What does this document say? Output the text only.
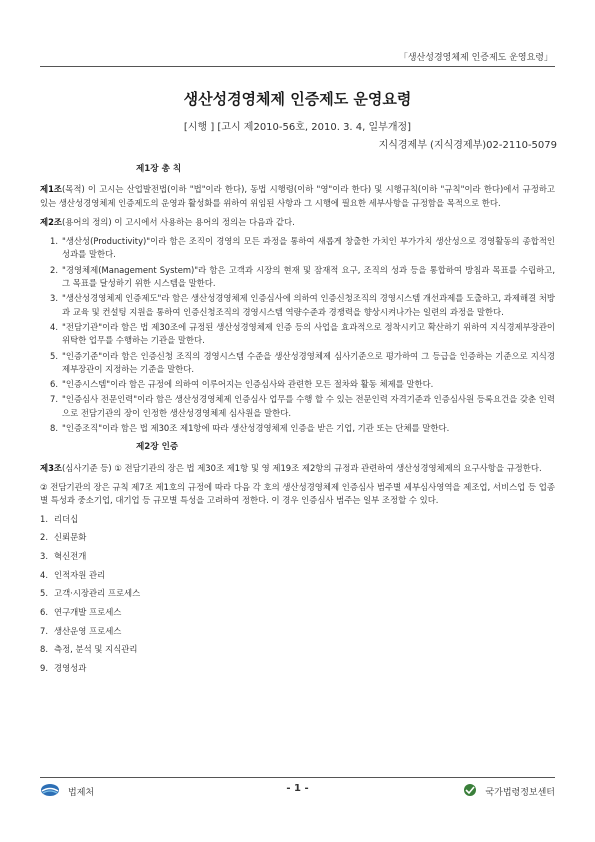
「생산성경영체제 인증제도 운영요령」
생산성경영체제 인증제도 운영요령
[시행 ] [고시 제2010-56호, 2010. 3. 4, 일부개정]
지식경제부 (지식경제부)02-2110-5079
제1장 총 칙
제1조(목적) 이 고시는 산업발전법(이하 "법"이라 한다), 동법 시행령(이하 "영"이라 한다) 및 시행규칙(이하 "규칙"이라 한다)에서 규정하고 있는 생산성경영체제 인증제도의 운영과 활성화를 위하여 위임된 사항과 그 시행에 필요한 세부사항을 규정함을 목적으로 한다.
제2조(용어의 정의) 이 고시에서 사용하는 용어의 정의는 다음과 같다.
1. "생산성(Productivity)"이라 함은 조직이 경영의 모든 과정을 통하여 새롭게 창출한 가치인 부가가치 생산성으로 경영활동의 종합적인 성과를 말한다.
2. "경영체제(Management System)"라 함은 고객과 시장의 현재 및 잠재적 요구, 조직의 성과 등을 통합하여 방침과 목표를 수립하고, 그 목표를 달성하기 위한 시스템을 말한다.
3. "생산성경영체제 인증제도"라 함은 생산성경영체제 인증심사에 의하여 인증신청조직의 경영시스템 개선과제를 도출하고, 과제해결 처방과 교육 및 컨설팅 지원을 통하여 인증신청조직의 경영시스템 역량수준과 경쟁력을 향상시켜나가는 일련의 과정을 말한다.
4. "전담기관"이라 함은 법 제30조에 규정된 생산성경영체제 인증 등의 사업을 효과적으로 정착시키고 확산하기 위하여 지식경제부장관이 위탁한 업무를 수행하는 기관을 말한다.
5. "인증기준"이라 함은 인증신청 조직의 경영시스템 수준을 생산성경영체제 심사기준으로 평가하여 그 등급을 인증하는 기준으로 지식경제부장관이 지정하는 기준을 말한다.
6. "인증시스템"이라 함은 규정에 의하여 이루어지는 인증심사와 관련한 모든 절차와 활동 체제를 말한다.
7. "인증심사 전문인력"이라 함은 생산성경영체제 인증심사 업무를 수행 할 수 있는 전문인력 자격기준과 인증심사원 등록요건을 갖춘 인력으로 전담기관의 장이 인정한 생산성경영체제 심사원을 말한다.
8. "인증조직"이라 함은 법 제30조 제1항에 따라 생산성경영체제 인증을 받은 기업, 기관 또는 단체를 말한다.
제2장 인증
제3조(심사기준 등) ① 전담기관의 장은 법 제30조 제1항 및 영 제19조 제2항의 규정과 관련하여 생산성경영체제의 요구사항을 규정한다.
② 전담기관의 장은 규칙 제7조 제1호의 규정에 따라 다음 각 호의 생산성경영체제 인증심사 범주별 세부심사영역을 제조업, 서비스업 등 업종별 특성과 중소기업, 대기업 등 규모별 특성을 고려하여 정한다. 이 경우 인증심사 범주는 일부 조정할 수 있다.
1. 리더십
2. 신뢰문화
3. 혁신전개
4. 인적자원 관리
5. 고객·시장관리 프로세스
6. 연구개발 프로세스
7. 생산운영 프로세스
8. 측정, 분석 및 지식관리
9. 경영성과
법제처	- 1 -	국가법령정보센터
